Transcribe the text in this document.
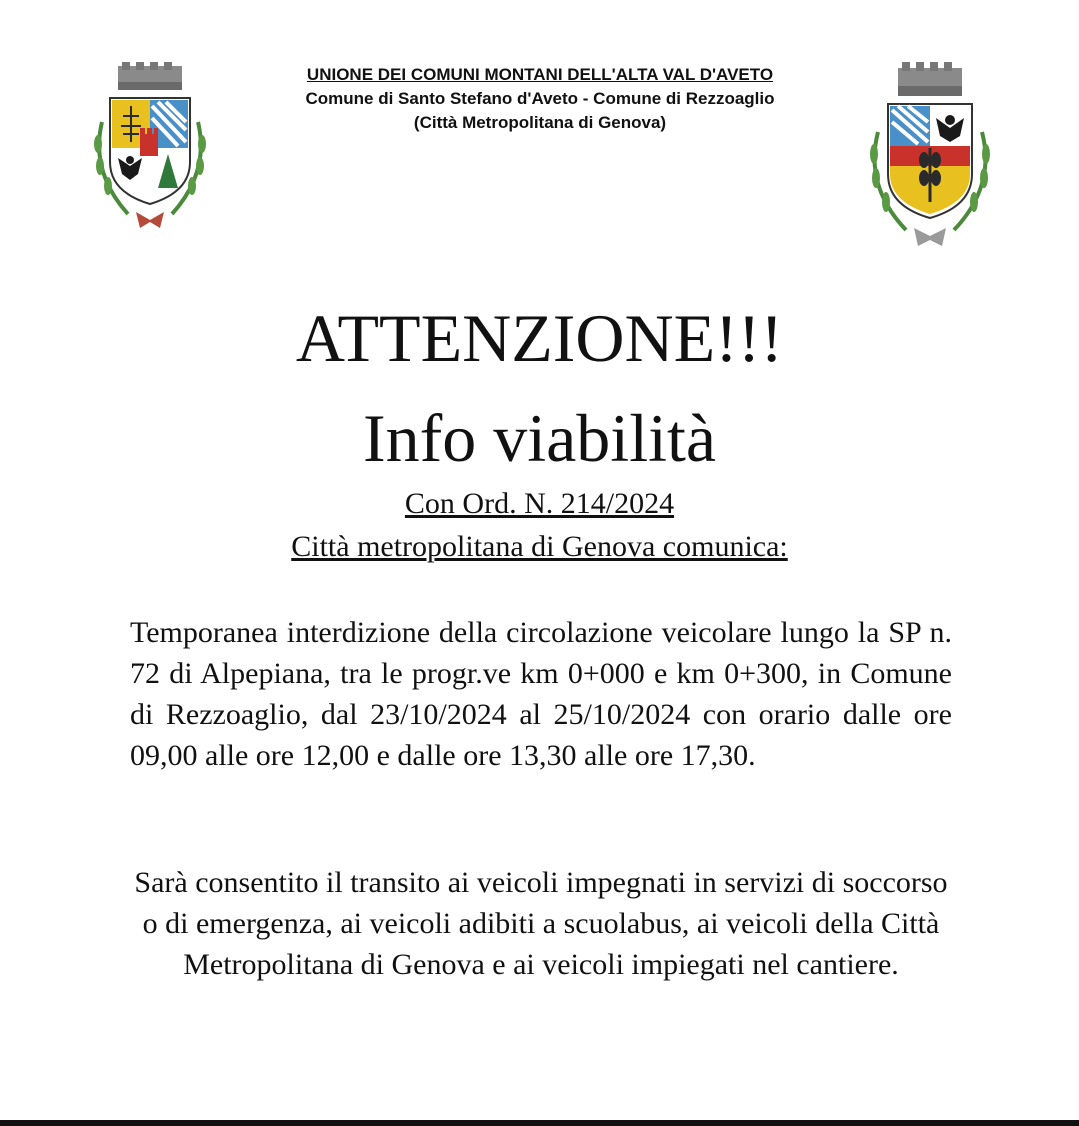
UNIONE DEI COMUNI MONTANI DELL'ALTA VAL D'AVETO
Comune di Santo Stefano d'Aveto - Comune di Rezzoaglio
(Città Metropolitana di Genova)
ATTENZIONE!!!
Info viabilità
Con Ord. N. 214/2024
Città metropolitana di Genova comunica:
Temporanea interdizione della circolazione veicolare lungo la SP n. 72 di Alpepiana, tra le progr.ve km 0+000 e km 0+300, in Comune di Rezzoaglio, dal 23/10/2024 al 25/10/2024 con orario dalle ore 09,00 alle ore 12,00 e dalle ore 13,30 alle ore 17,30.
Sarà consentito il transito ai veicoli impegnati in servizi di soccorso o di emergenza, ai veicoli adibiti a scuolabus, ai veicoli della Città Metropolitana di Genova e ai veicoli impiegati nel cantiere.
